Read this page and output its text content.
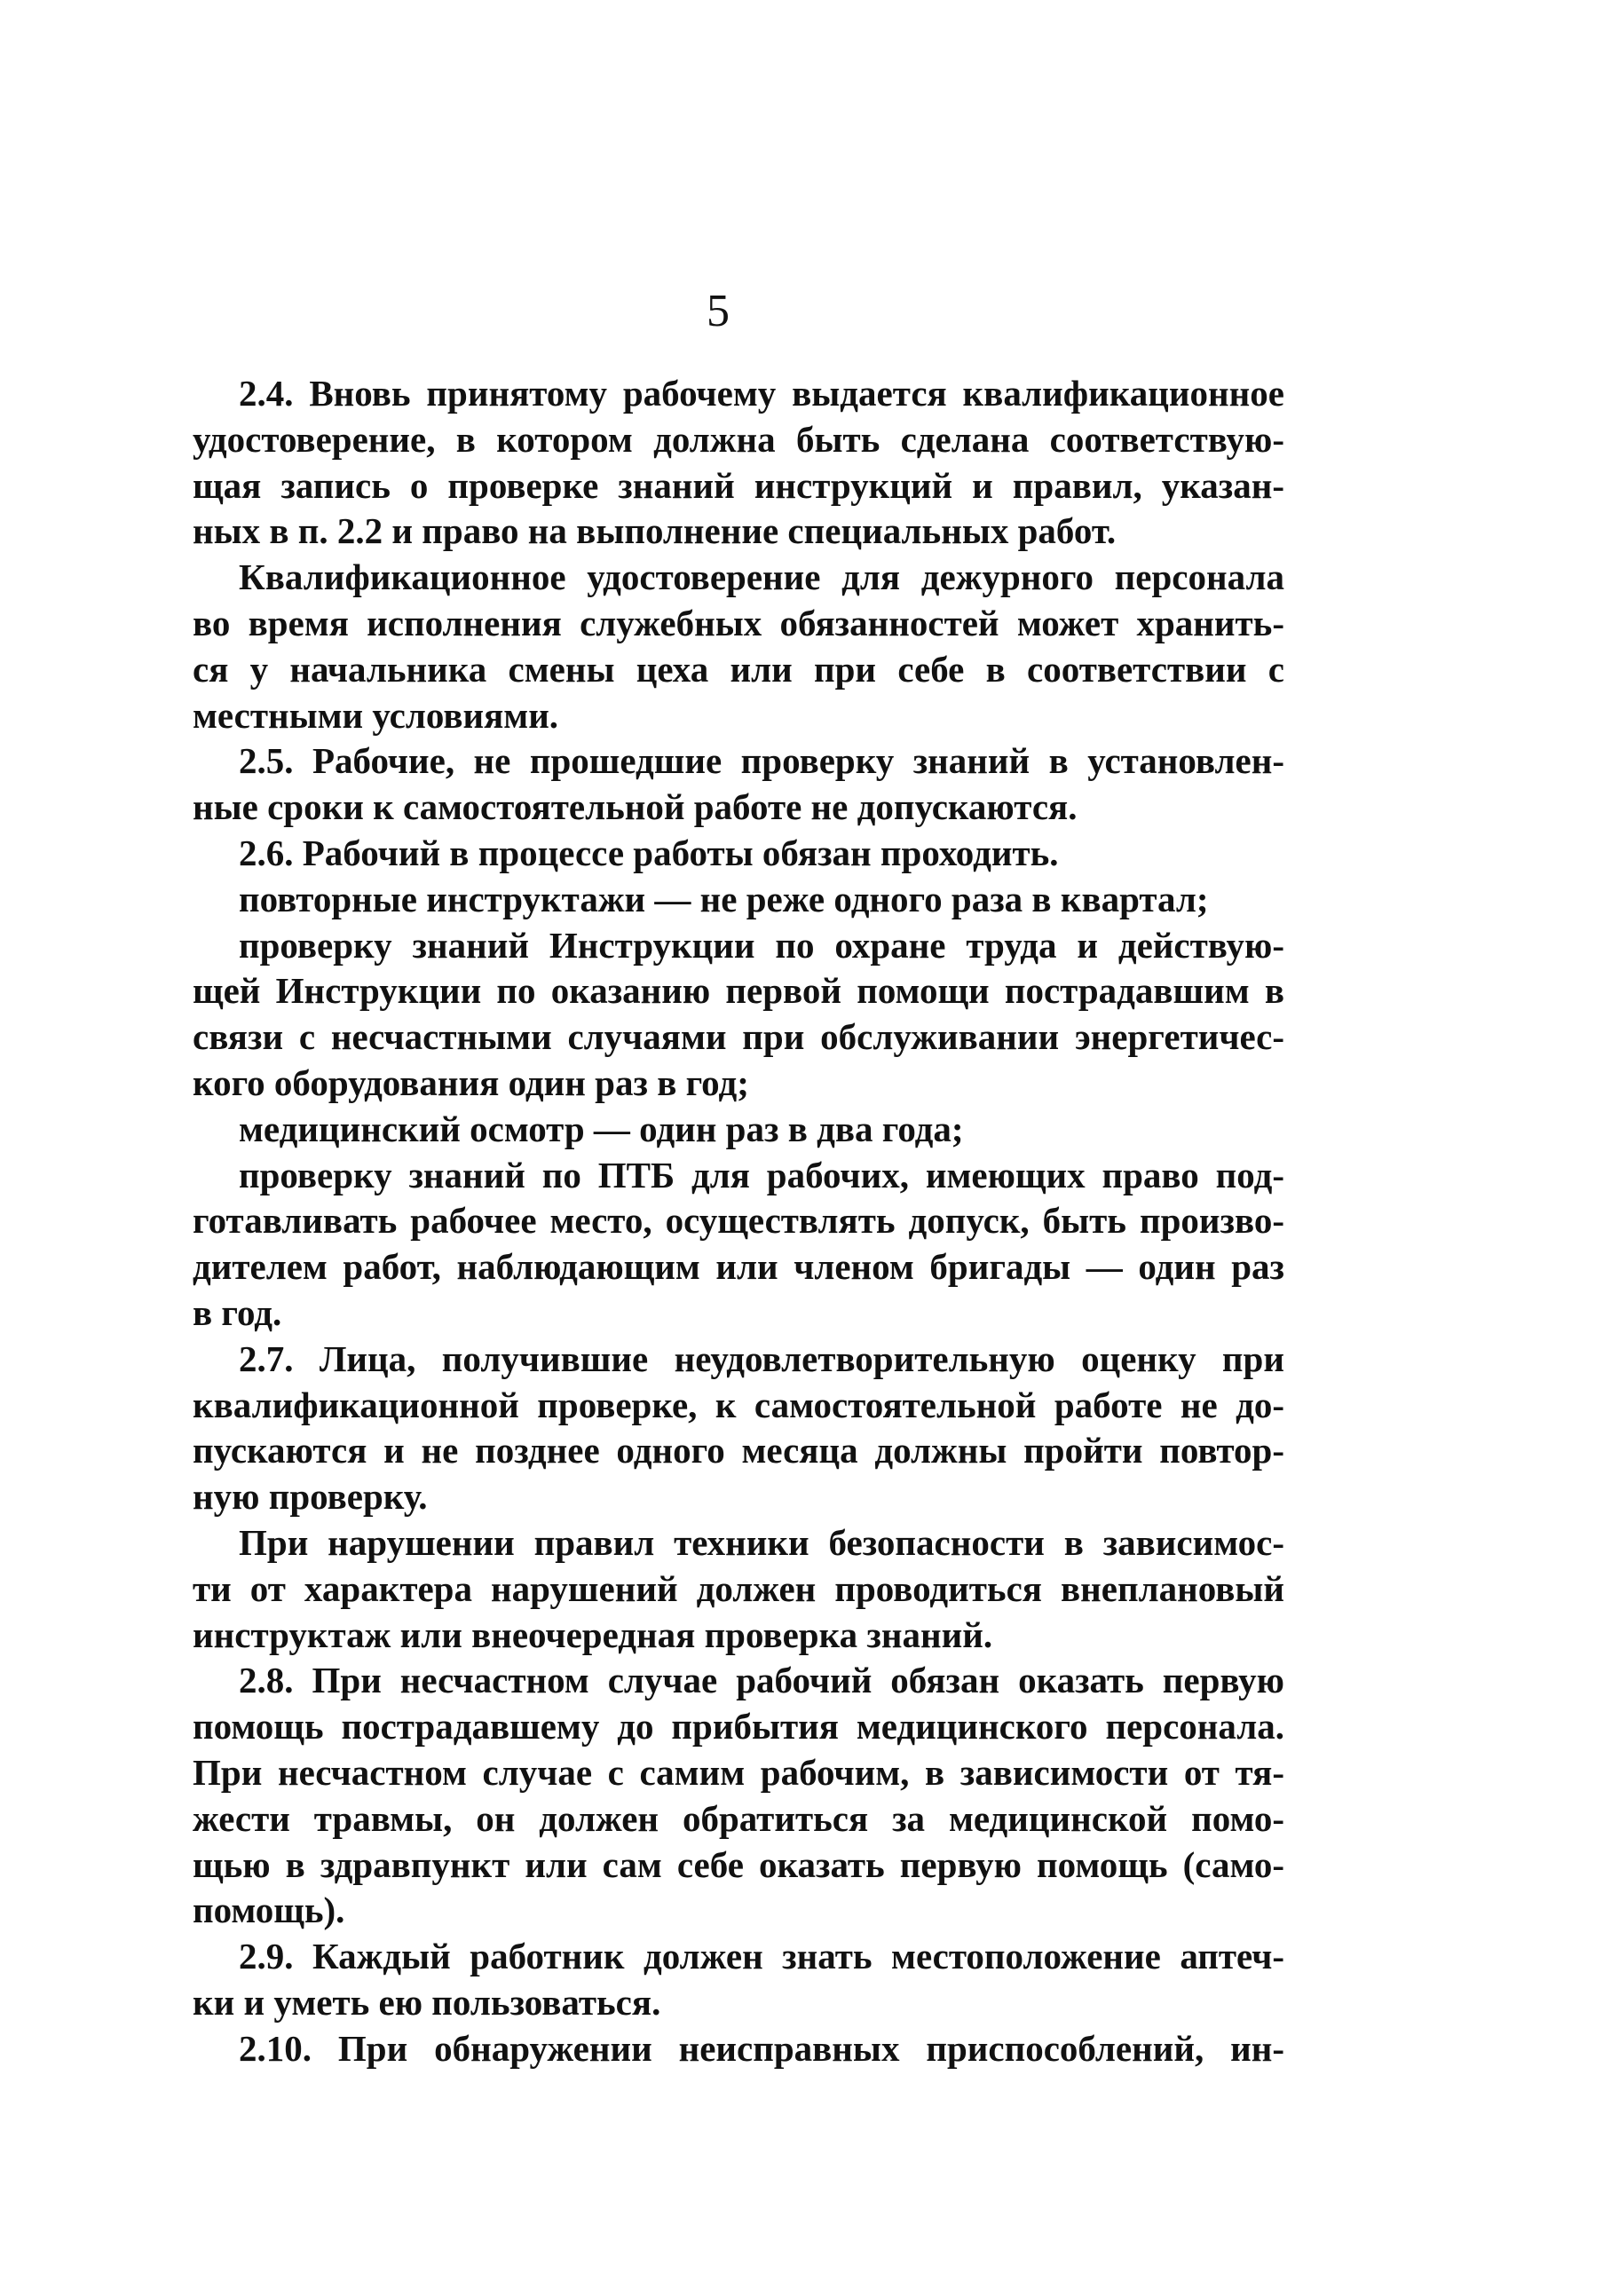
5
2.4. Вновь принятому рабочему выдается квалификационное
удостоверение, в котором должна быть сделана соответствую-
щая запись о проверке знаний инструкций и правил, указан-
ных в п. 2.2 и право на выполнение специальных работ.
Квалификационное удостоверение для дежурного персонала
во время исполнения служебных обязанностей может хранить-
ся у начальника смены цеха или при себе в соответствии с
местными условиями.
2.5. Рабочие, не прошедшие проверку знаний в установлен-
ные сроки к самостоятельной работе не допускаются.
2.6. Рабочий в процессе работы обязан проходить.
повторные инструктажи — не реже одного раза в квартал;
проверку знаний Инструкции по охране труда и действую-
щей Инструкции по оказанию первой помощи пострадавшим в
связи с несчастными случаями при обслуживании энергетичес-
кого оборудования один раз в год;
медицинский осмотр — один раз в два года;
проверку знаний по ПТБ для рабочих, имеющих право под-
готавливать рабочее место, осуществлять допуск, быть произво-
дителем работ, наблюдающим или членом бригады — один раз
в год.
2.7. Лица, получившие неудовлетворительную оценку при
квалификационной проверке, к самостоятельной работе не до-
пускаются и не позднее одного месяца должны пройти повтор-
ную проверку.
При нарушении правил техники безопасности в зависимос-
ти от характера нарушений должен проводиться внеплановый
инструктаж или внеочередная проверка знаний.
2.8. При несчастном случае рабочий обязан оказать первую
помощь пострадавшему до прибытия медицинского персонала.
При несчастном случае с самим рабочим, в зависимости от тя-
жести травмы, он должен обратиться за медицинской помо-
щью в здравпункт или сам себе оказать первую помощь (само-
помощь).
2.9. Каждый работник должен знать местоположение аптеч-
ки и уметь ею пользоваться.
2.10. При обнаружении неисправных приспособлений, ин-
